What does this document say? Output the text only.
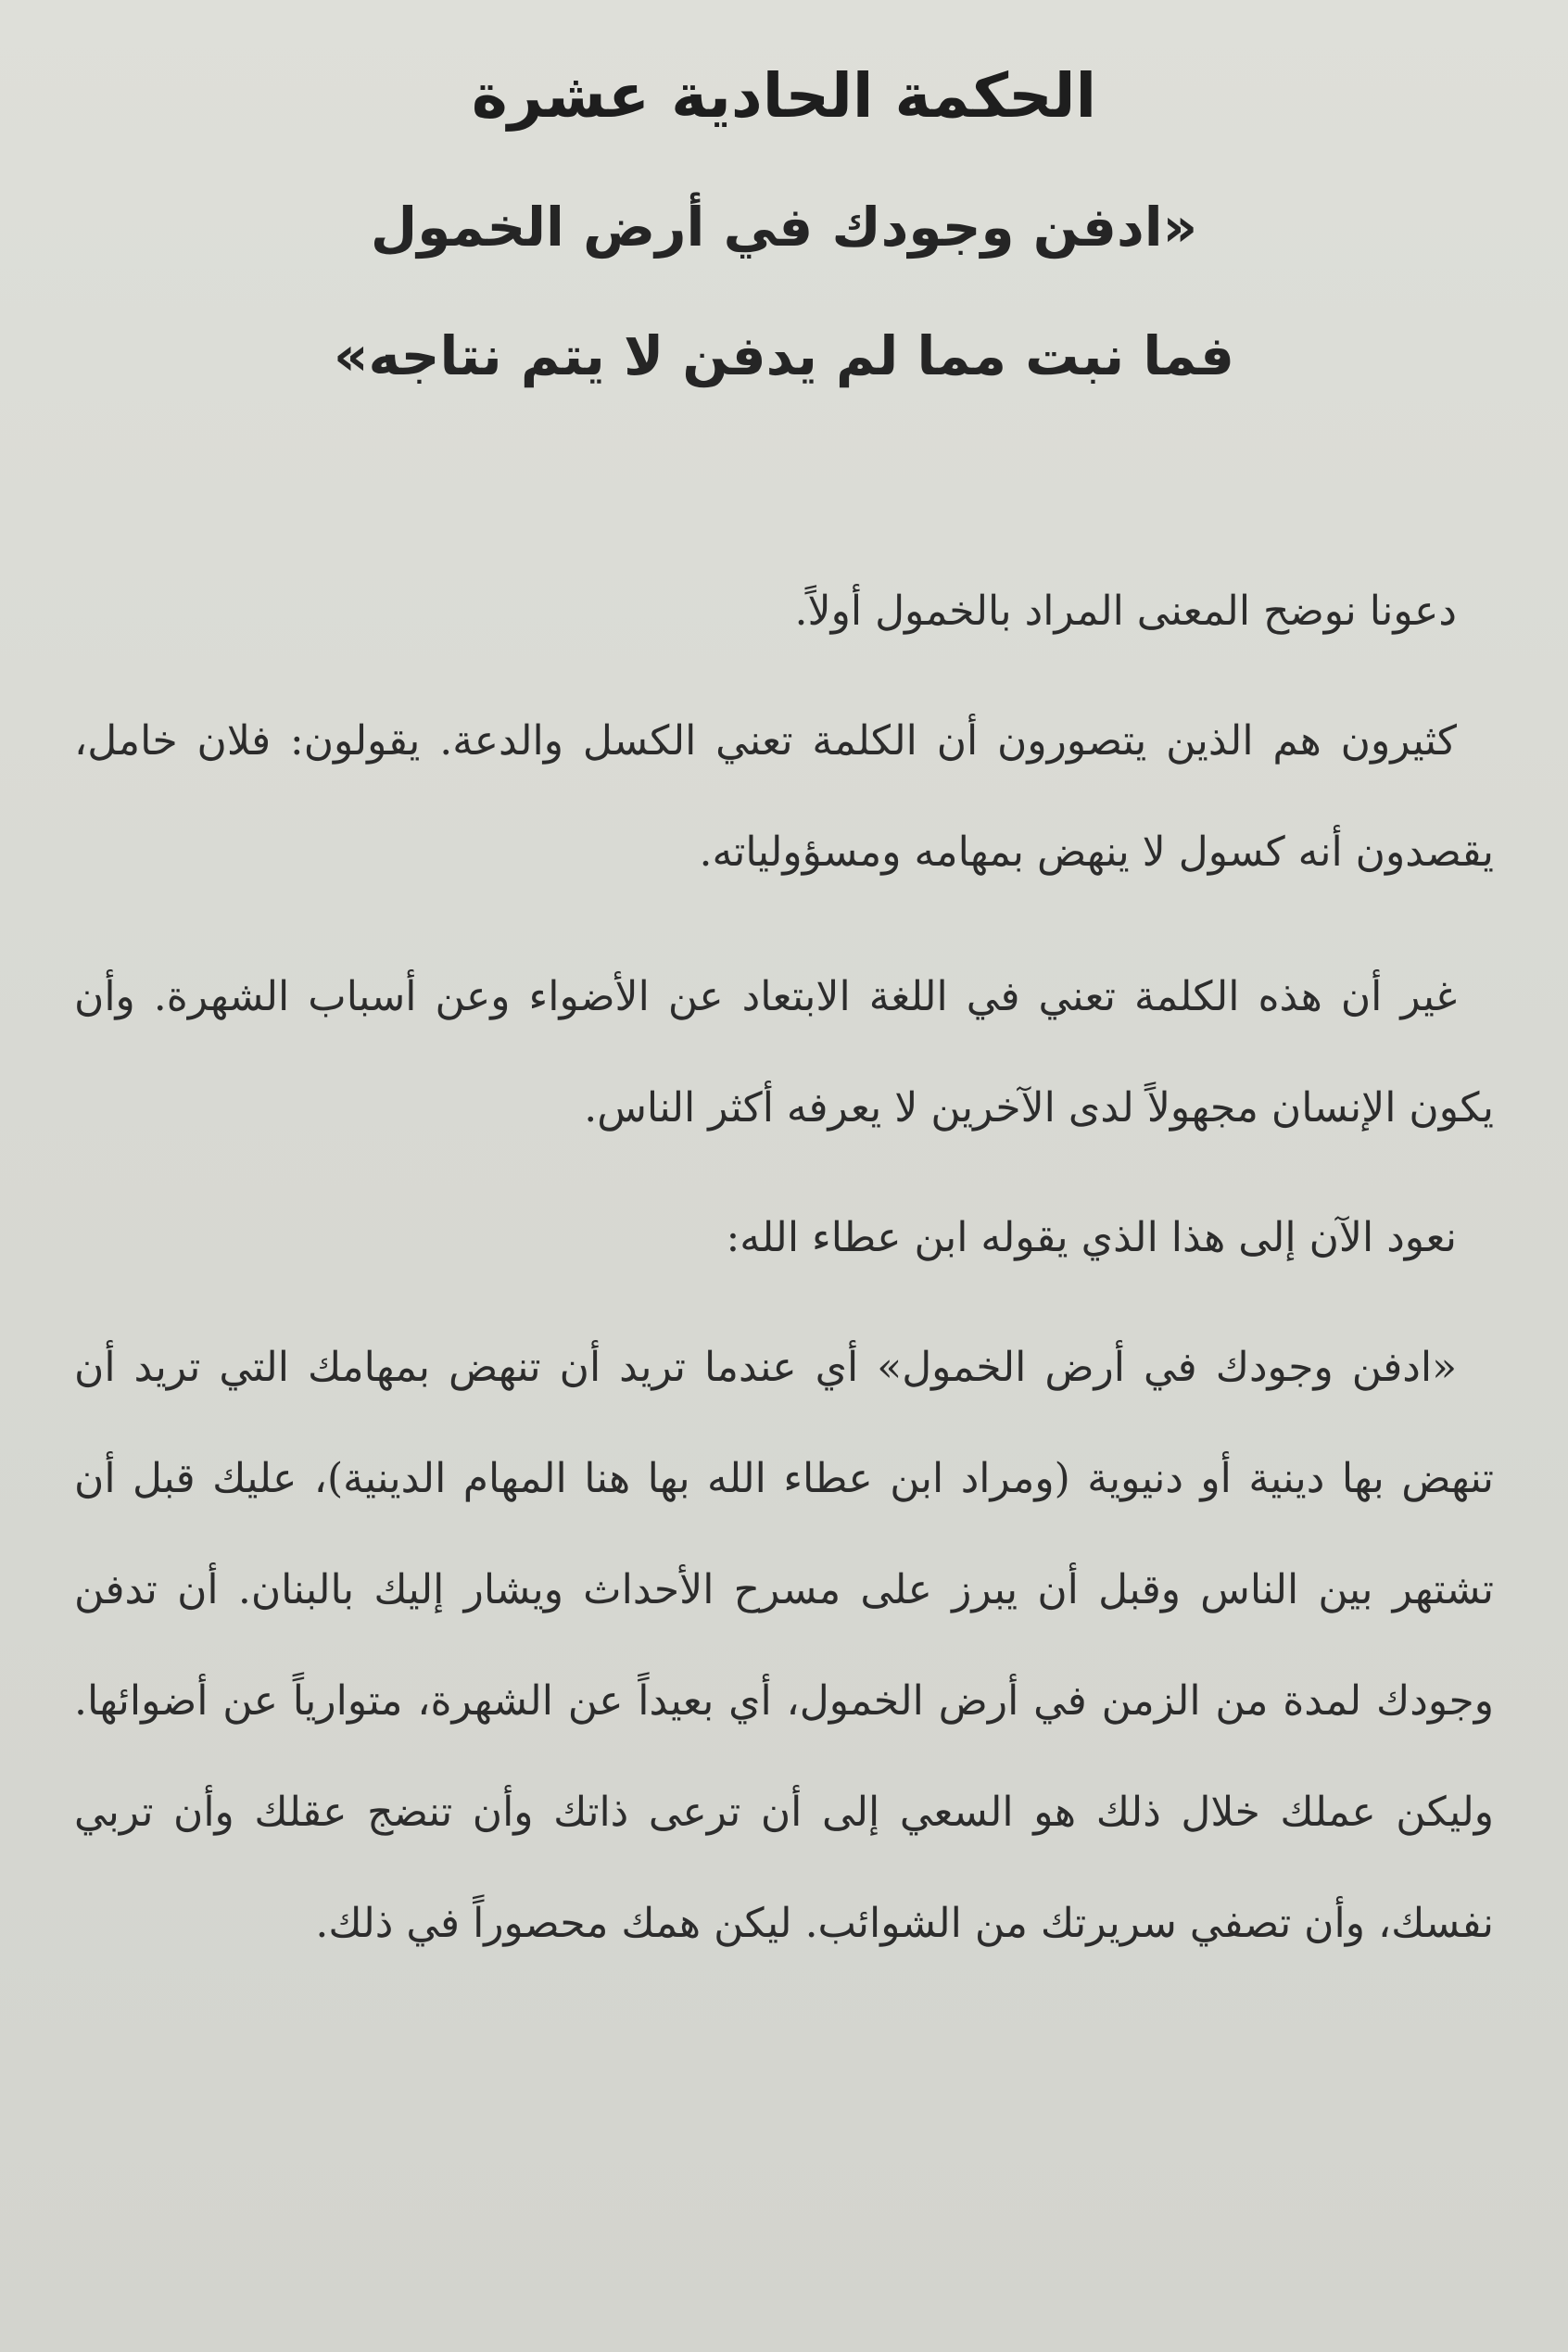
الحكمة الحادية عشرة
«ادفن وجودك في أرض الخمول
فما نبت مما لم يدفن لا يتم نتاجه»

دعونا نوضح المعنى المراد بالخمول أولاً.

كثيرون هم الذين يتصورون أن الكلمة تعني الكسل والدعة. يقولون: فلان خامل، يقصدون أنه كسول لا ينهض بمهامه ومسؤولياته.

غير أن هذه الكلمة تعني في اللغة الابتعاد عن الأضواء وعن أسباب الشهرة. وأن يكون الإنسان مجهولاً لدى الآخرين لا يعرفه أكثر الناس.

نعود الآن إلى هذا الذي يقوله ابن عطاء الله:

«ادفن وجودك في أرض الخمول» أي عندما تريد أن تنهض بمهامك التي تريد أن تنهض بها دينية أو دنيوية (ومراد ابن عطاء الله بها هنا المهام الدينية)، عليك قبل أن تشتهر بين الناس وقبل أن يبرز على مسرح الأحداث ويشار إليك بالبنان. أن تدفن وجودك لمدة من الزمن في أرض الخمول، أي بعيداً عن الشهرة، متوارياً عن أضوائها. وليكن عملك خلال ذلك هو السعي إلى أن ترعى ذاتك وأن تنضج عقلك وأن تربي نفسك، وأن تصفي سريرتك من الشوائب. ليكن همك محصوراً في ذلك.
